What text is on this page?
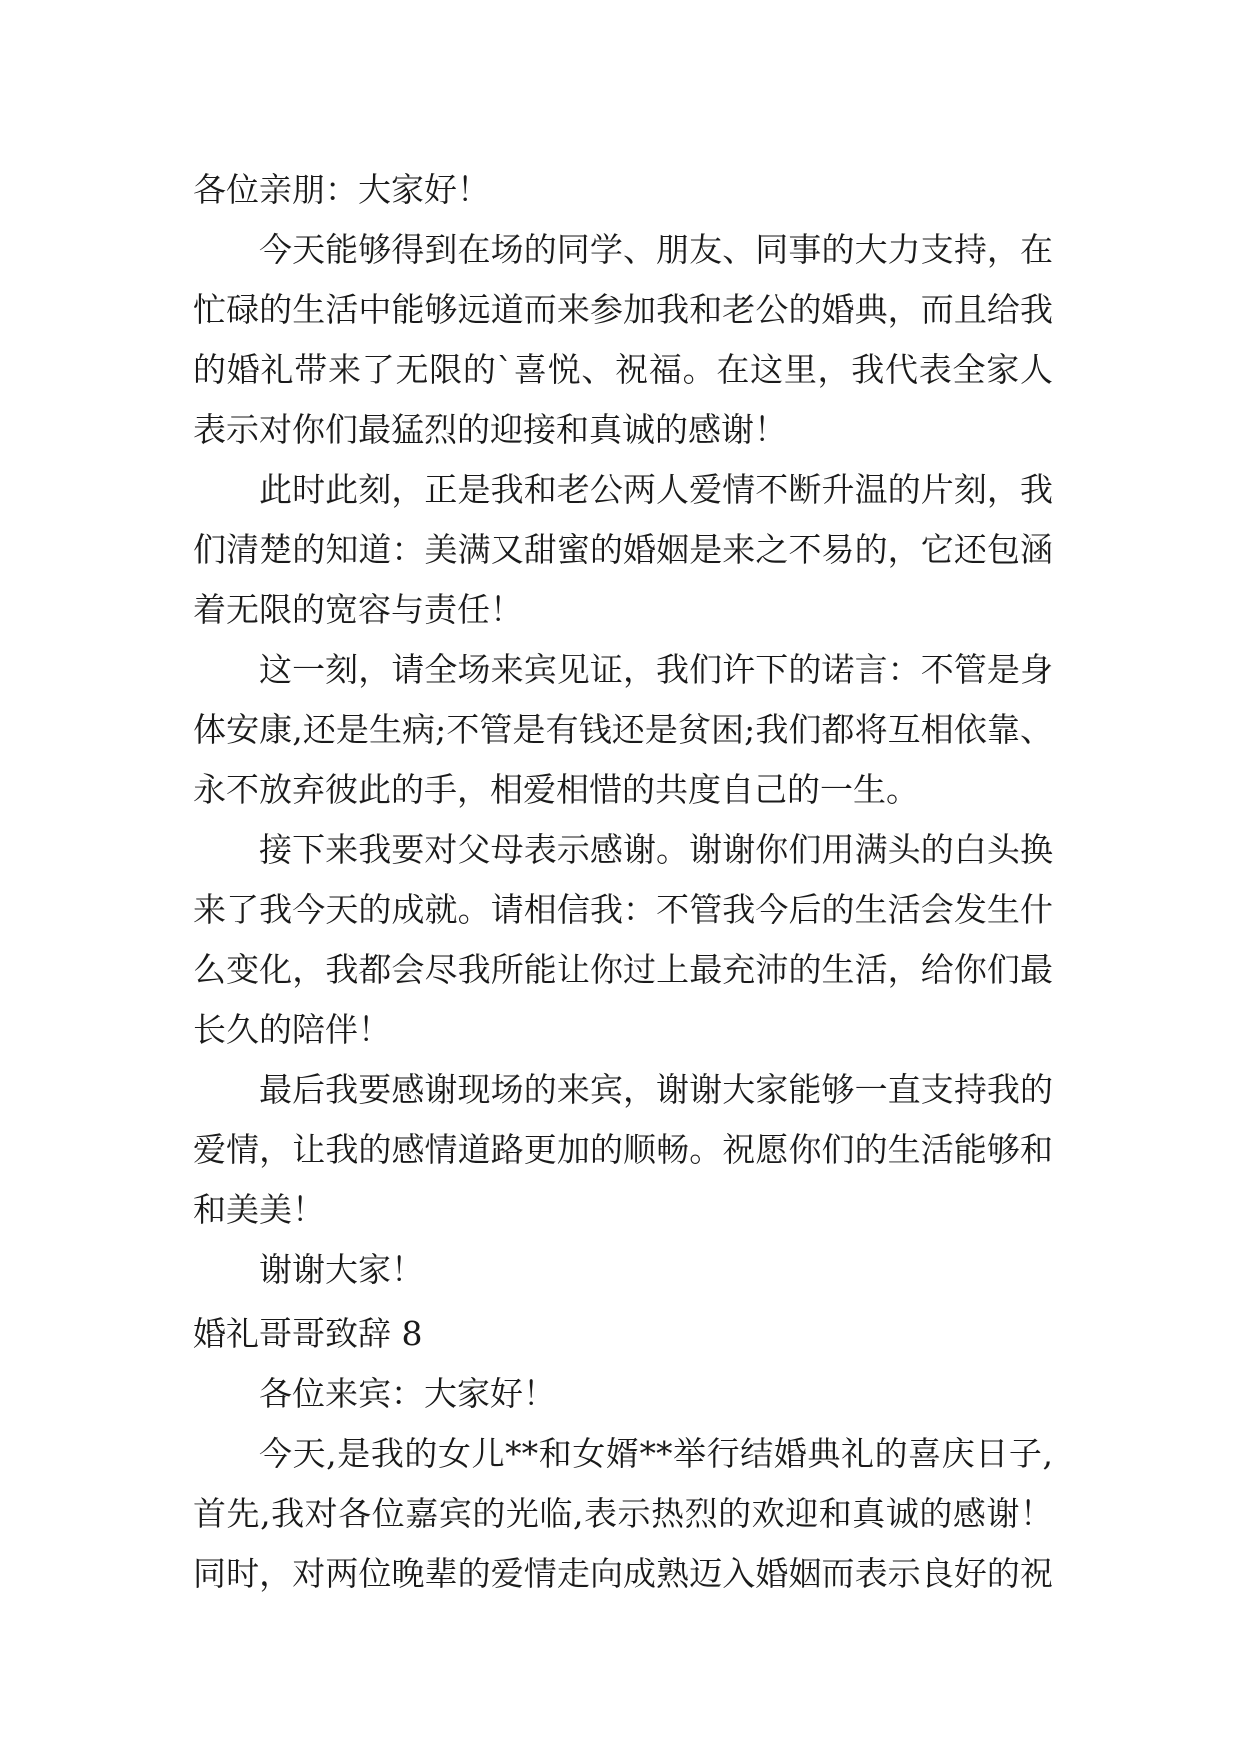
各位亲朋：大家好！

今天能够得到在场的同学、朋友、同事的大力支持，在

忙碌的生活中能够远道而来参加我和老公的婚典，而且给我

的婚礼带来了无限的`喜悦、祝福。在这里，我代表全家人

表示对你们最猛烈的迎接和真诚的感谢！

此时此刻，正是我和老公两人爱情不断升温的片刻，我

们清楚的知道：美满又甜蜜的婚姻是来之不易的，它还包涵

着无限的宽容与责任！

这一刻，请全场来宾见证，我们许下的诺言：不管是身

体安康,还是生病;不管是有钱还是贫困;我们都将互相依靠、

永不放弃彼此的手，相爱相惜的共度自己的一生。

接下来我要对父母表示感谢。谢谢你们用满头的白头换

来了我今天的成就。请相信我：不管我今后的生活会发生什

么变化，我都会尽我所能让你过上最充沛的生活，给你们最

长久的陪伴！

最后我要感谢现场的来宾，谢谢大家能够一直支持我的

爱情，让我的感情道路更加的顺畅。祝愿你们的生活能够和

和美美！

谢谢大家！

婚礼哥哥致辞 8

各位来宾：大家好！

今天,是我的女儿**和女婿**举行结婚典礼的喜庆日子,

首先,我对各位嘉宾的光临,表示热烈的欢迎和真诚的感谢！

同时，对两位晚辈的爱情走向成熟迈入婚姻而表示良好的祝
